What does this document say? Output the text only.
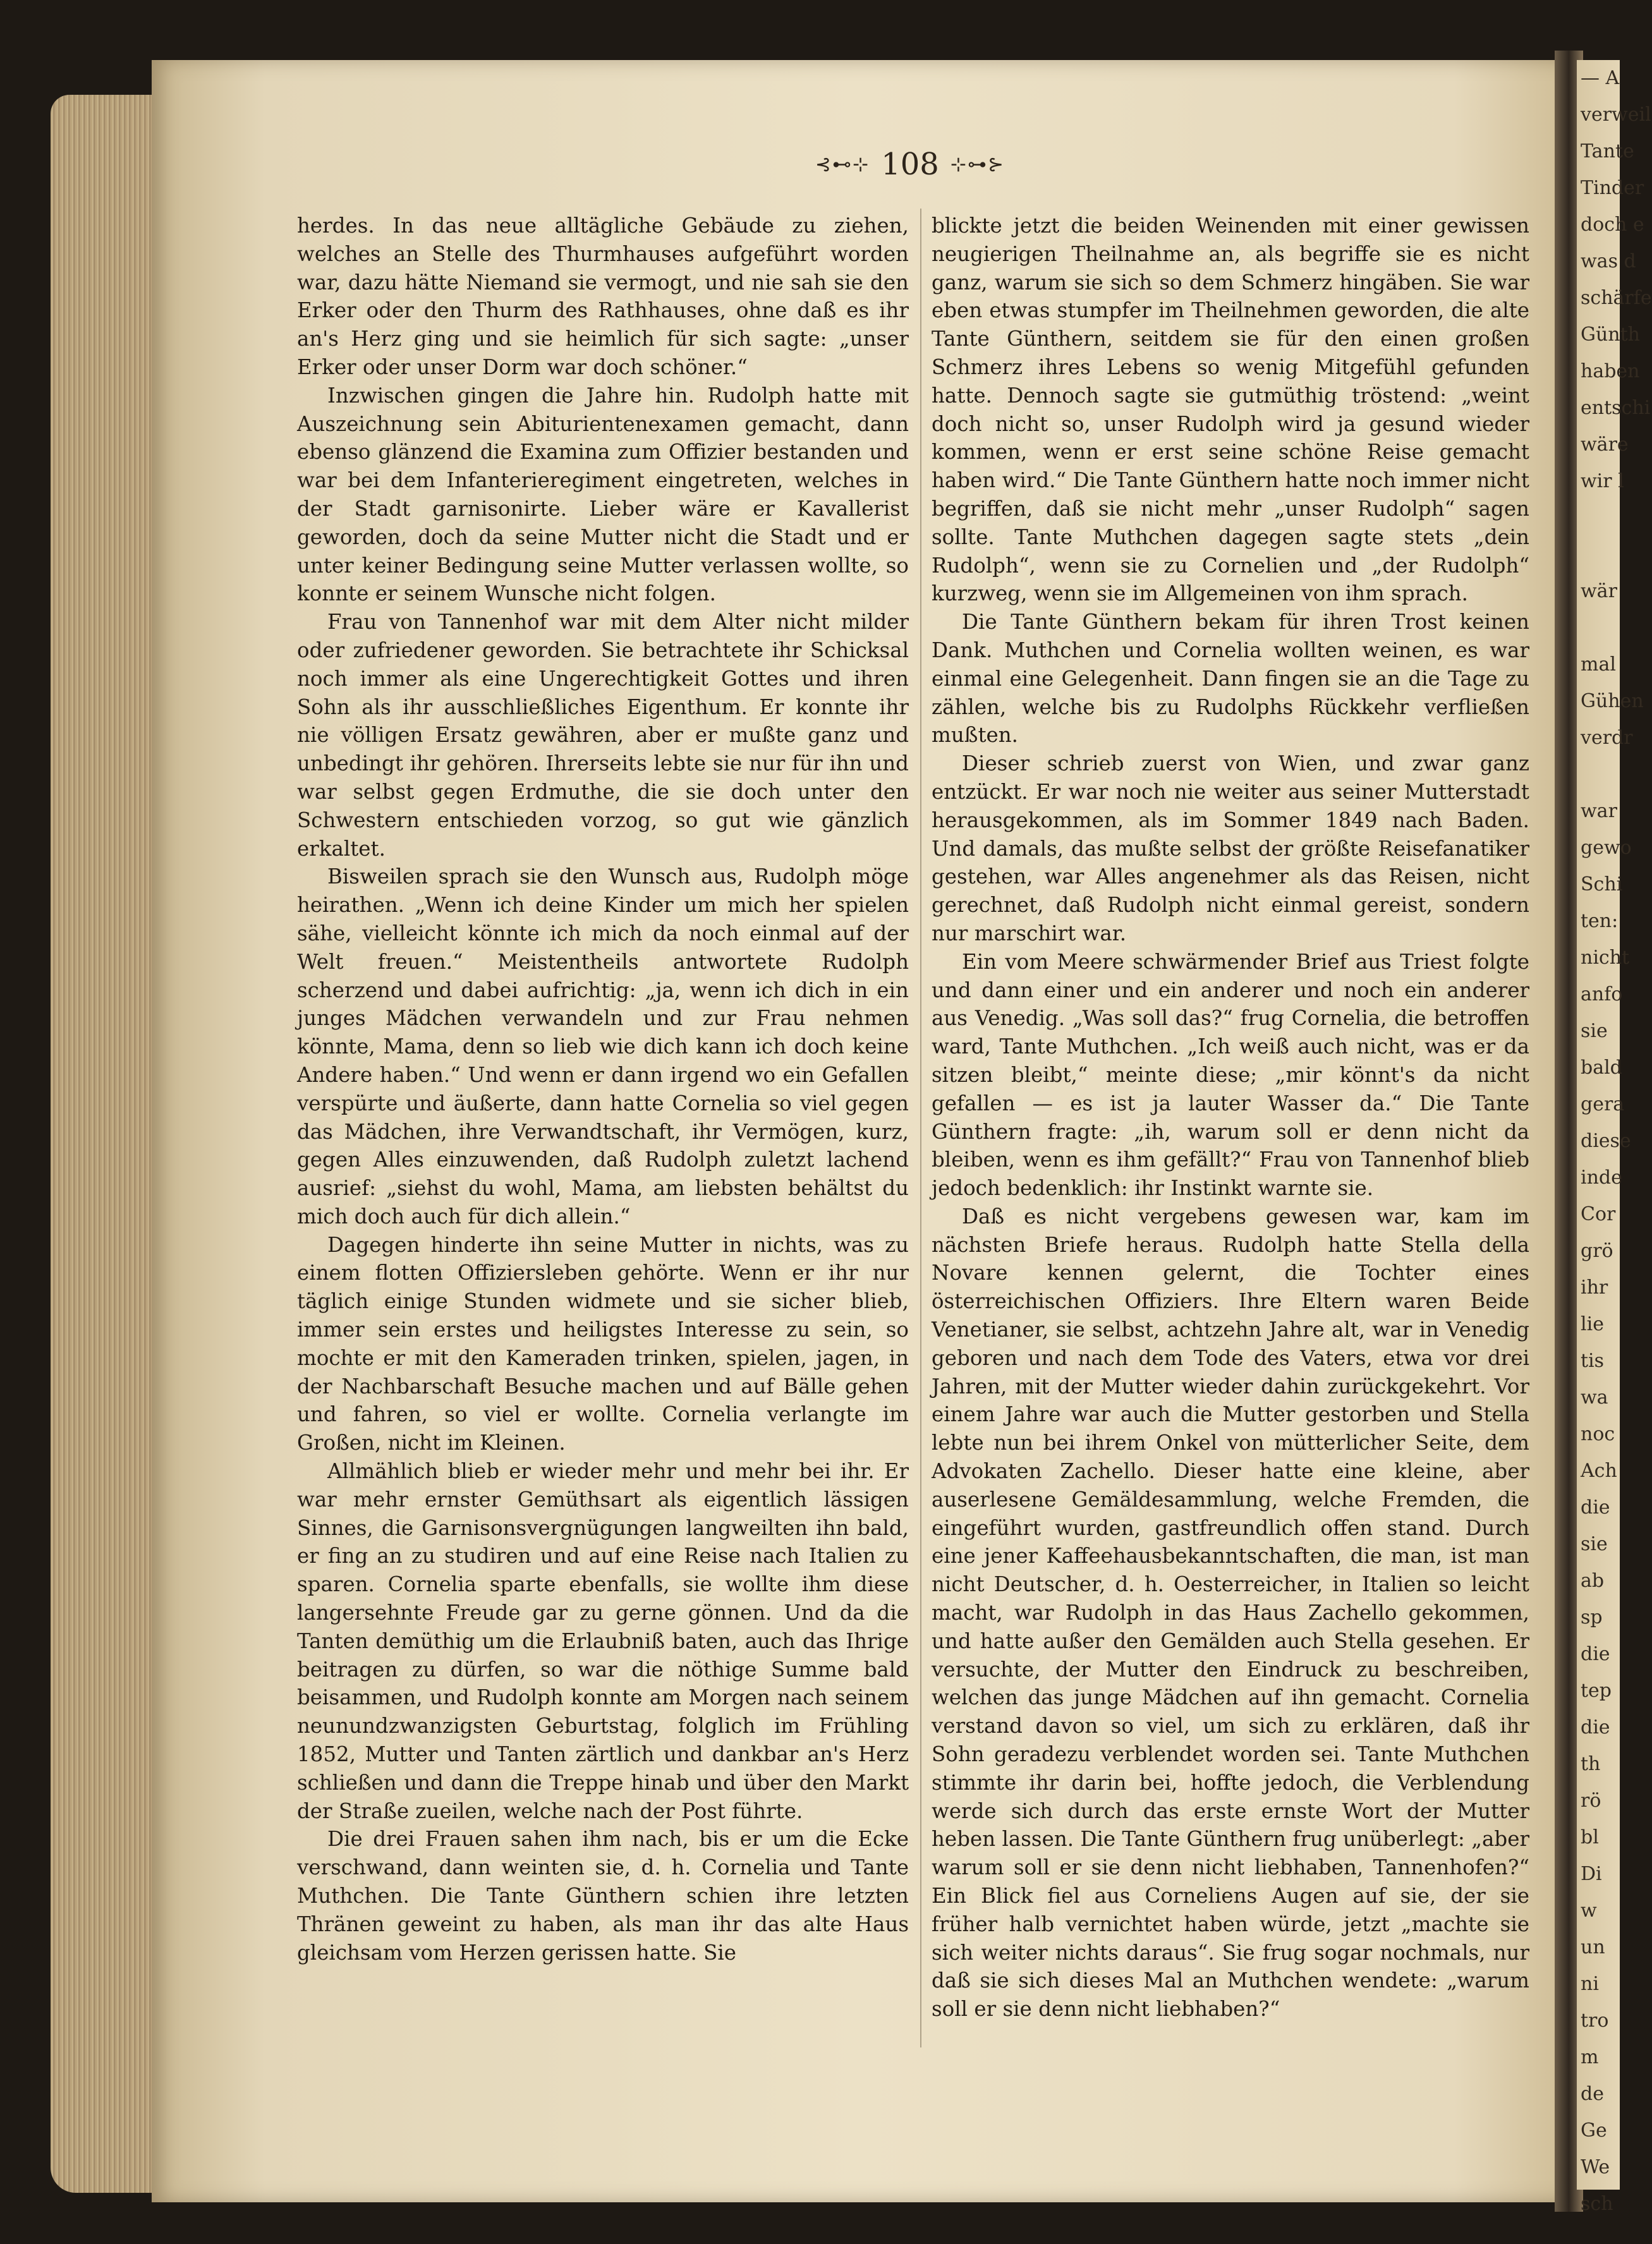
— A
verweil
Tante
Tinder
doch e
was d
schärfe
Günth
haben
entschi
wäre
wir l

wär

mal
Gühen
verdr

war
gewo
Schi
ten:
nicht
anfo
sie
bald
gera
diese
inde
Cor
grö
ihr
lie
tis
wa
noc
Ach
die
sie
ab
sp
die
tep
die
th
rö
bl
Di
w
un
ni
tro
m
de
Ge
We
sch
⊰⊷⊹ 108 ⊹⊶⊱

herdes. In das neue alltägliche Gebäude zu ziehen, welches an Stelle des Thurmhauses aufgeführt worden war, dazu hätte Niemand sie vermogt, und nie sah sie den Erker oder den Thurm des Rathhauses, ohne daß es ihr an's Herz ging und sie heimlich für sich sagte: „unser Erker oder unser Dorm war doch schöner.“

Inzwischen gingen die Jahre hin. Rudolph hatte mit Auszeichnung sein Abiturientenexamen gemacht, dann ebenso glänzend die Examina zum Offizier bestanden und war bei dem Infanterieregiment eingetreten, welches in der Stadt garnisonirte. Lieber wäre er Kavallerist geworden, doch da seine Mutter nicht die Stadt und er unter keiner Bedingung seine Mutter verlassen wollte, so konnte er seinem Wunsche nicht folgen.

Frau von Tannenhof war mit dem Alter nicht milder oder zufriedener geworden. Sie betrachtete ihr Schicksal noch immer als eine Ungerechtigkeit Gottes und ihren Sohn als ihr ausschließliches Eigenthum. Er konnte ihr nie völligen Ersatz gewähren, aber er mußte ganz und unbedingt ihr gehören. Ihrerseits lebte sie nur für ihn und war selbst gegen Erdmuthe, die sie doch unter den Schwestern entschieden vorzog, so gut wie gänzlich erkaltet.

Bisweilen sprach sie den Wunsch aus, Rudolph möge heirathen. „Wenn ich deine Kinder um mich her spielen sähe, vielleicht könnte ich mich da noch einmal auf der Welt freuen.“ Meistentheils antwortete Rudolph scherzend und dabei aufrichtig: „ja, wenn ich dich in ein junges Mädchen verwandeln und zur Frau nehmen könnte, Mama, denn so lieb wie dich kann ich doch keine Andere haben.“ Und wenn er dann irgend wo ein Gefallen verspürte und äußerte, dann hatte Cornelia so viel gegen das Mädchen, ihre Verwandtschaft, ihr Vermögen, kurz, gegen Alles einzuwenden, daß Rudolph zuletzt lachend ausrief: „siehst du wohl, Mama, am liebsten behältst du mich doch auch für dich allein.“

Dagegen hinderte ihn seine Mutter in nichts, was zu einem flotten Offiziersleben gehörte. Wenn er ihr nur täglich einige Stunden widmete und sie sicher blieb, immer sein erstes und heiligstes Interesse zu sein, so mochte er mit den Kameraden trinken, spielen, jagen, in der Nachbarschaft Besuche machen und auf Bälle gehen und fahren, so viel er wollte. Cornelia verlangte im Großen, nicht im Kleinen.

Allmählich blieb er wieder mehr und mehr bei ihr. Er war mehr ernster Gemüthsart als eigentlich lässigen Sinnes, die Garnisonsvergnügungen langweilten ihn bald, er fing an zu studiren und auf eine Reise nach Italien zu sparen. Cornelia sparte ebenfalls, sie wollte ihm diese langersehnte Freude gar zu gerne gönnen. Und da die Tanten demüthig um die Erlaubniß baten, auch das Ihrige beitragen zu dürfen, so war die nöthige Summe bald beisammen, und Rudolph konnte am Morgen nach seinem neunundzwanzigsten Geburtstag, folglich im Frühling 1852, Mutter und Tanten zärtlich und dankbar an's Herz schließen und dann die Treppe hinab und über den Markt der Straße zueilen, welche nach der Post führte.

Die drei Frauen sahen ihm nach, bis er um die Ecke verschwand, dann weinten sie, d. h. Cornelia und Tante Muthchen. Die Tante Günthern schien ihre letzten Thränen geweint zu haben, als man ihr das alte Haus gleichsam vom Herzen gerissen hatte. Sie

blickte jetzt die beiden Weinenden mit einer gewissen neugierigen Theilnahme an, als begriffe sie es nicht ganz, warum sie sich so dem Schmerz hingäben. Sie war eben etwas stumpfer im Theilnehmen geworden, die alte Tante Günthern, seitdem sie für den einen großen Schmerz ihres Lebens so wenig Mitgefühl gefunden hatte. Dennoch sagte sie gutmüthig tröstend: „weint doch nicht so, unser Rudolph wird ja gesund wieder kommen, wenn er erst seine schöne Reise gemacht haben wird.“ Die Tante Günthern hatte noch immer nicht begriffen, daß sie nicht mehr „unser Rudolph“ sagen sollte. Tante Muthchen dagegen sagte stets „dein Rudolph“, wenn sie zu Cornelien und „der Rudolph“ kurzweg, wenn sie im Allgemeinen von ihm sprach.

Die Tante Günthern bekam für ihren Trost keinen Dank. Muthchen und Cornelia wollten weinen, es war einmal eine Gelegenheit. Dann fingen sie an die Tage zu zählen, welche bis zu Rudolphs Rückkehr verfließen mußten.

Dieser schrieb zuerst von Wien, und zwar ganz entzückt. Er war noch nie weiter aus seiner Mutterstadt herausgekommen, als im Sommer 1849 nach Baden. Und damals, das mußte selbst der größte Reisefanatiker gestehen, war Alles angenehmer als das Reisen, nicht gerechnet, daß Rudolph nicht einmal gereist, sondern nur marschirt war.

Ein vom Meere schwärmender Brief aus Triest folgte und dann einer und ein anderer und noch ein anderer aus Venedig. „Was soll das?“ frug Cornelia, die betroffen ward, Tante Muthchen. „Ich weiß auch nicht, was er da sitzen bleibt,“ meinte diese; „mir könnt's da nicht gefallen — es ist ja lauter Wasser da.“ Die Tante Günthern fragte: „ih, warum soll er denn nicht da bleiben, wenn es ihm gefällt?“ Frau von Tannenhof blieb jedoch bedenklich: ihr Instinkt warnte sie.

Daß es nicht vergebens gewesen war, kam im nächsten Briefe heraus. Rudolph hatte Stella della Novare kennen gelernt, die Tochter eines österreichischen Offiziers. Ihre Eltern waren Beide Venetianer, sie selbst, achtzehn Jahre alt, war in Venedig geboren und nach dem Tode des Vaters, etwa vor drei Jahren, mit der Mutter wieder dahin zurückgekehrt. Vor einem Jahre war auch die Mutter gestorben und Stella lebte nun bei ihrem Onkel von mütterlicher Seite, dem Advokaten Zachello. Dieser hatte eine kleine, aber auserlesene Gemäldesammlung, welche Fremden, die eingeführt wurden, gastfreundlich offen stand. Durch eine jener Kaffeehausbekanntschaften, die man, ist man nicht Deutscher, d. h. Oesterreicher, in Italien so leicht macht, war Rudolph in das Haus Zachello gekommen, und hatte außer den Gemälden auch Stella gesehen. Er versuchte, der Mutter den Eindruck zu beschreiben, welchen das junge Mädchen auf ihn gemacht. Cornelia verstand davon so viel, um sich zu erklären, daß ihr Sohn geradezu verblendet worden sei. Tante Muthchen stimmte ihr darin bei, hoffte jedoch, die Verblendung werde sich durch das erste ernste Wort der Mutter heben lassen. Die Tante Günthern frug unüberlegt: „aber warum soll er sie denn nicht liebhaben, Tannenhofen?“ Ein Blick fiel aus Corneliens Augen auf sie, der sie früher halb vernichtet haben würde, jetzt „machte sie sich weiter nichts daraus“. Sie frug sogar nochmals, nur daß sie sich dieses Mal an Muthchen wendete: „warum soll er sie denn nicht liebhaben?“
